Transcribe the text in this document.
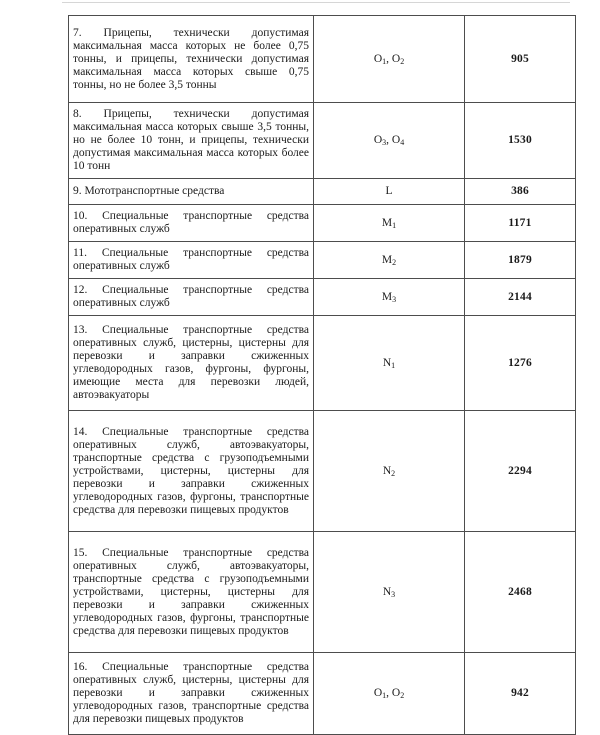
7. Прицепы, технически допустимая максимальная масса которых не более 0,75 тонны, и прицепы, технически допустимая максимальная масса которых свыше 0,75 тонны, но не более 3,5 тонны	$O_1$, $O_2$	905
8. Прицепы, технически допустимая максимальная масса которых свыше 3,5 тонны, но не более 10 тонн, и прицепы, технически допустимая максимальная масса которых более 10 тонн	$O_3$, $O_4$	1530
9. Мототранспортные средства	L	386
10. Специальные транспортные средства оперативных служб	$M_1$	1171
11. Специальные транспортные средства оперативных служб	$M_2$	1879
12. Специальные транспортные средства оперативных служб	$M_3$	2144
13. Специальные транспортные средства оперативных служб, цистерны, цистерны для перевозки и заправки сжиженных углеводородных газов, фургоны, фургоны, имеющие места для перевозки людей, автоэвакуаторы	$N_1$	1276
14. Специальные транспортные средства оперативных служб, автоэвакуаторы, транспортные средства с грузоподъемными устройствами, цистерны, цистерны для перевозки и заправки сжиженных углеводородных газов, фургоны, транспортные средства для перевозки пищевых продуктов	$N_2$	2294
15. Специальные транспортные средства оперативных служб, автоэвакуаторы, транспортные средства с грузоподъемными устройствами, цистерны, цистерны для перевозки и заправки сжиженных углеводородных газов, фургоны, транспортные средства для перевозки пищевых продуктов	$N_3$	2468
16. Специальные транспортные средства оперативных служб, цистерны, цистерны для перевозки и заправки сжиженных углеводородных газов, транспортные средства для перевозки пищевых продуктов	$O_1$, $O_2$	942
